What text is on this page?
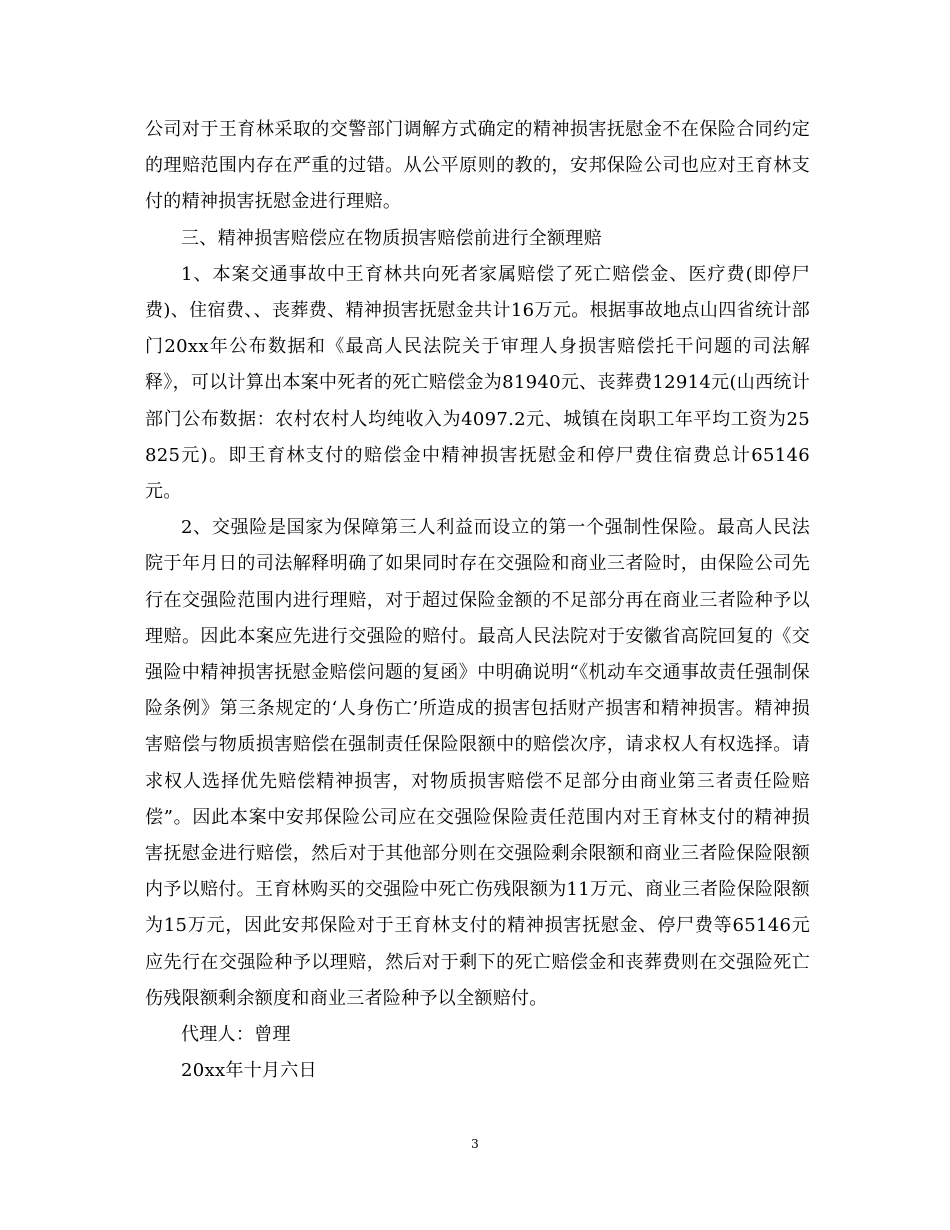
公司对于王育林采取的交警部门调解方式确定的精神损害抚慰金不在保险合同约定的理赔范围内存在严重的过错。从公平原则的教的，安邦保险公司也应对王育林支付的精神损害抚慰金进行理赔。

三、精神损害赔偿应在物质损害赔偿前进行全额理赔

1、本案交通事故中王育林共向死者家属赔偿了死亡赔偿金、医疗费(即停尸费)、住宿费、、丧葬费、精神损害抚慰金共计16万元。根据事故地点山四省统计部门20xx年公布数据和《最高人民法院关于审理人身损害赔偿托干问题的司法解释》，可以计算出本案中死者的死亡赔偿金为81940元、丧葬费12914元(山西统计部门公布数据：农村农村人均纯收入为4097.2元、城镇在岗职工年平均工资为25825元)。即王育林支付的赔偿金中精神损害抚慰金和停尸费住宿费总计65146元。

2、交强险是国家为保障第三人利益而设立的第一个强制性保险。最高人民法院于年月日的司法解释明确了如果同时存在交强险和商业三者险时，由保险公司先行在交强险范围内进行理赔，对于超过保险金额的不足部分再在商业三者险种予以理赔。因此本案应先进行交强险的赔付。最高人民法院对于安徽省高院回复的《交强险中精神损害抚慰金赔偿问题的复函》中明确说明“《机动车交通事故责任强制保险条例》第三条规定的‘人身伤亡’所造成的损害包括财产损害和精神损害。精神损害赔偿与物质损害赔偿在强制责任保险限额中的赔偿次序，请求权人有权选择。请求权人选择优先赔偿精神损害，对物质损害赔偿不足部分由商业第三者责任险赔偿”。因此本案中安邦保险公司应在交强险保险责任范围内对王育林支付的精神损害抚慰金进行赔偿，然后对于其他部分则在交强险剩余限额和商业三者险保险限额内予以赔付。王育林购买的交强险中死亡伤残限额为11万元、商业三者险保险限额为15万元，因此安邦保险对于王育林支付的精神损害抚慰金、停尸费等65146元应先行在交强险种予以理赔，然后对于剩下的死亡赔偿金和丧葬费则在交强险死亡伤残限额剩余额度和商业三者险种予以全额赔付。

代理人：曾理

20xx年十月六日

3
